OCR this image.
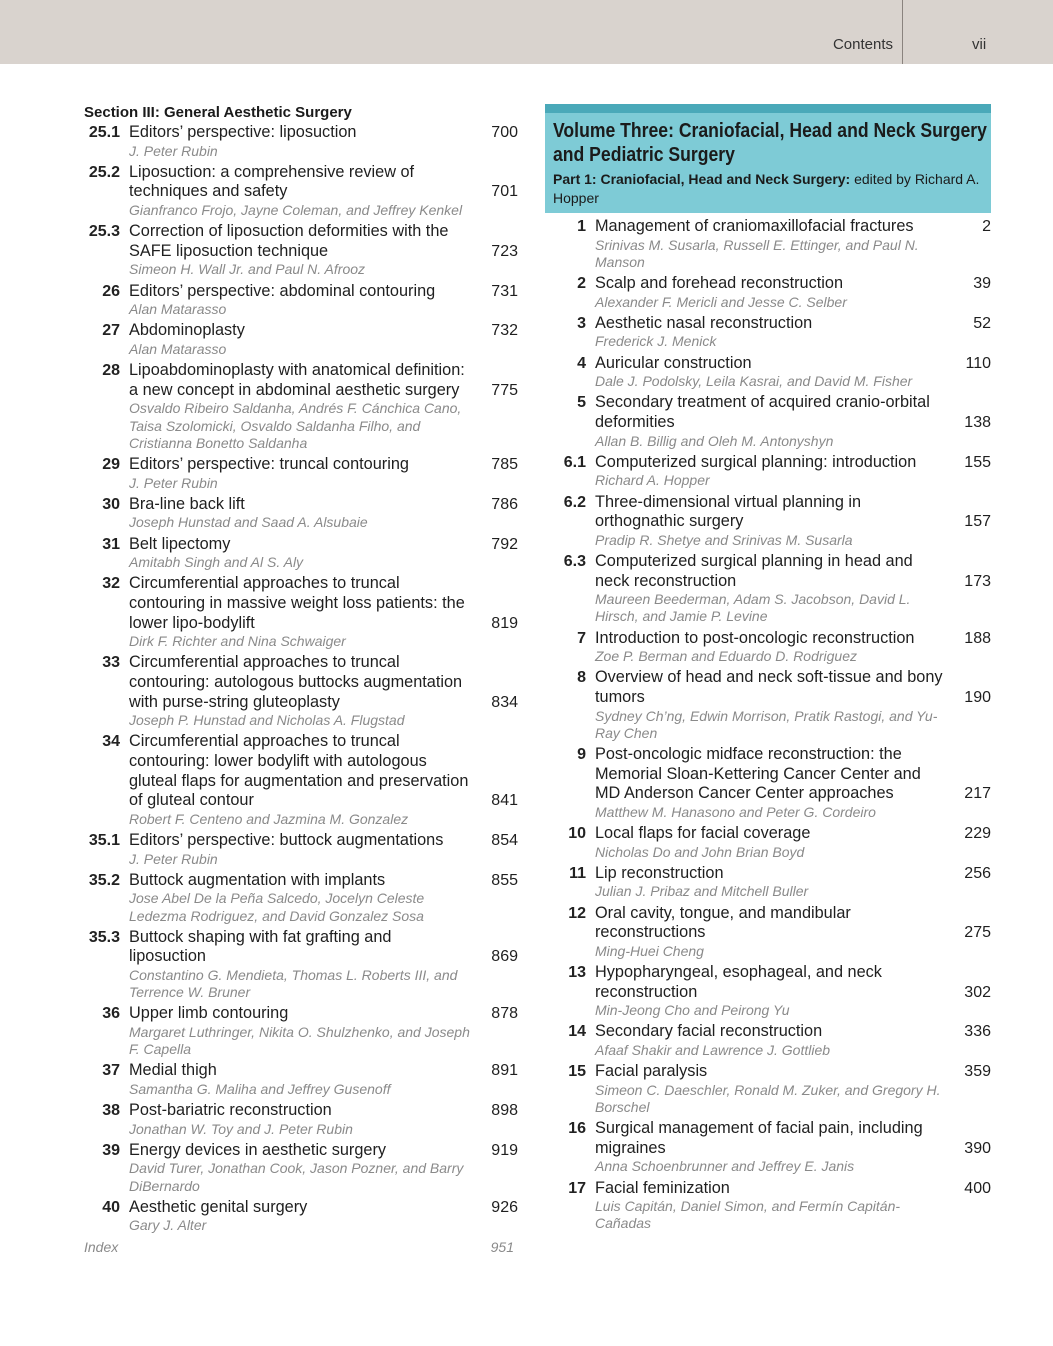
Contents	vii
Section III: General Aesthetic Surgery
25.1 Editors’ perspective: liposuction
J. Peter Rubin
700
25.2 Liposuction: a comprehensive review of techniques and safety
Gianfranco Frojo, Jayne Coleman, and Jeffrey Kenkel
701
25.3 Correction of liposuction deformities with the SAFE liposuction technique
Simeon H. Wall Jr. and Paul N. Afrooz
723
26 Editors’ perspective: abdominal contouring
Alan Matarasso
731
27 Abdominoplasty
Alan Matarasso
732
28 Lipoabdominoplasty with anatomical definition: a new concept in abdominal aesthetic surgery
Osvaldo Ribeiro Saldanha, Andrés F. Cánchica Cano, Taisa Szolomicki, Osvaldo Saldanha Filho, and Cristianna Bonetto Saldanha
775
29 Editors’ perspective: truncal contouring
J. Peter Rubin
785
30 Bra-line back lift
Joseph Hunstad and Saad A. Alsubaie
786
31 Belt lipectomy
Amitabh Singh and Al S. Aly
792
32 Circumferential approaches to truncal contouring in massive weight loss patients: the lower lipo-bodylift
Dirk F. Richter and Nina Schwaiger
819
33 Circumferential approaches to truncal contouring: autologous buttocks augmentation with purse-string gluteoplasty
Joseph P. Hunstad and Nicholas A. Flugstad
834
34 Circumferential approaches to truncal contouring: lower bodylift with autologous gluteal flaps for augmentation and preservation of gluteal contour
Robert F. Centeno and Jazmina M. Gonzalez
841
35.1 Editors’ perspective: buttock augmentations
J. Peter Rubin
854
35.2 Buttock augmentation with implants
Jose Abel De la Peña Salcedo, Jocelyn Celeste Ledezma Rodriguez, and David Gonzalez Sosa
855
35.3 Buttock shaping with fat grafting and liposuction
Constantino G. Mendieta, Thomas L. Roberts III, and Terrence W. Bruner
869
36 Upper limb contouring
Margaret Luthringer, Nikita O. Shulzhenko, and Joseph F. Capella
878
37 Medial thigh
Samantha G. Maliha and Jeffrey Gusenoff
891
38 Post-bariatric reconstruction
Jonathan W. Toy and J. Peter Rubin
898
39 Energy devices in aesthetic surgery
David Turer, Jonathan Cook, Jason Pozner, and Barry DiBernardo
919
40 Aesthetic genital surgery
Gary J. Alter
926
Index	951
Volume Three: Craniofacial, Head and Neck Surgery and Pediatric Surgery
Part 1: Craniofacial, Head and Neck Surgery: edited by Richard A. Hopper
1 Management of craniomaxillofacial fractures
Srinivas M. Susarla, Russell E. Ettinger, and Paul N. Manson
2
2 Scalp and forehead reconstruction
Alexander F. Mericli and Jesse C. Selber
39
3 Aesthetic nasal reconstruction
Frederick J. Menick
52
4 Auricular construction
Dale J. Podolsky, Leila Kasrai, and David M. Fisher
110
5 Secondary treatment of acquired cranio-orbital deformities
Allan B. Billig and Oleh M. Antonyshyn
138
6.1 Computerized surgical planning: introduction
Richard A. Hopper
155
6.2 Three-dimensional virtual planning in orthognathic surgery
Pradip R. Shetye and Srinivas M. Susarla
157
6.3 Computerized surgical planning in head and neck reconstruction
Maureen Beederman, Adam S. Jacobson, David L. Hirsch, and Jamie P. Levine
173
7 Introduction to post-oncologic reconstruction
Zoe P. Berman and Eduardo D. Rodriguez
188
8 Overview of head and neck soft-tissue and bony tumors
Sydney Ch’ng, Edwin Morrison, Pratik Rastogi, and Yu-Ray Chen
190
9 Post-oncologic midface reconstruction: the Memorial Sloan-Kettering Cancer Center and MD Anderson Cancer Center approaches
Matthew M. Hanasono and Peter G. Cordeiro
217
10 Local flaps for facial coverage
Nicholas Do and John Brian Boyd
229
11 Lip reconstruction
Julian J. Pribaz and Mitchell Buller
256
12 Oral cavity, tongue, and mandibular reconstructions
Ming-Huei Cheng
275
13 Hypopharyngeal, esophageal, and neck reconstruction
Min-Jeong Cho and Peirong Yu
302
14 Secondary facial reconstruction
Afaaf Shakir and Lawrence J. Gottlieb
336
15 Facial paralysis
Simeon C. Daeschler, Ronald M. Zuker, and Gregory H. Borschel
359
16 Surgical management of facial pain, including migraines
Anna Schoenbrunner and Jeffrey E. Janis
390
17 Facial feminization
Luis Capitán, Daniel Simon, and Fermín Capitán-Cañadas
400
